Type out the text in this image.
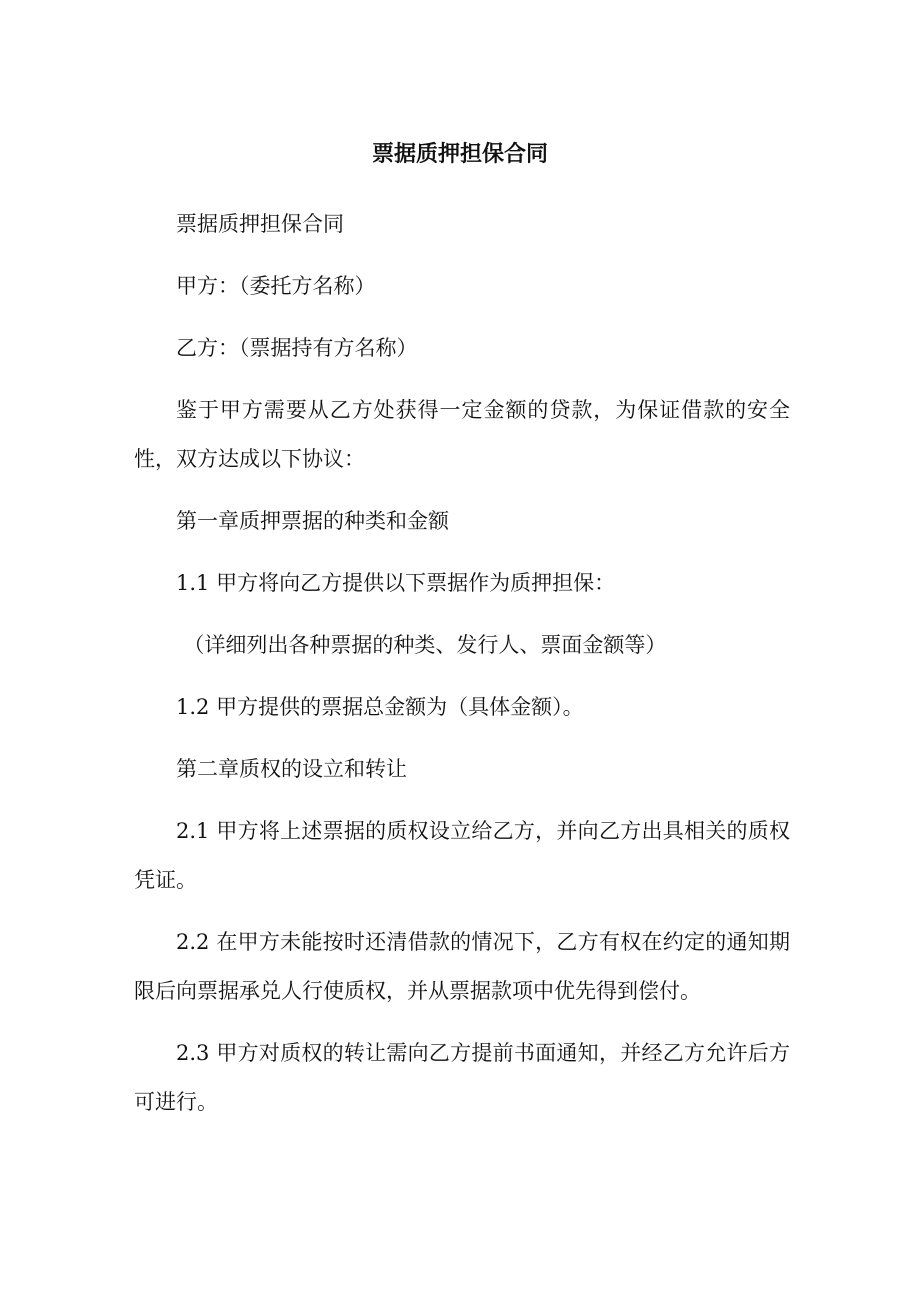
票据质押担保合同

票据质押担保合同

甲方：（委托方名称）

乙方：（票据持有方名称）

鉴于甲方需要从乙方处获得一定金额的贷款，为保证借款的安全性，双方达成以下协议：

第一章质押票据的种类和金额

1.1 甲方将向乙方提供以下票据作为质押担保：

（详细列出各种票据的种类、发行人、票面金额等）

1.2 甲方提供的票据总金额为（具体金额）。

第二章质权的设立和转让

2.1 甲方将上述票据的质权设立给乙方，并向乙方出具相关的质权凭证。

2.2 在甲方未能按时还清借款的情况下，乙方有权在约定的通知期限后向票据承兑人行使质权，并从票据款项中优先得到偿付。

2.3 甲方对质权的转让需向乙方提前书面通知，并经乙方允许后方可进行。
